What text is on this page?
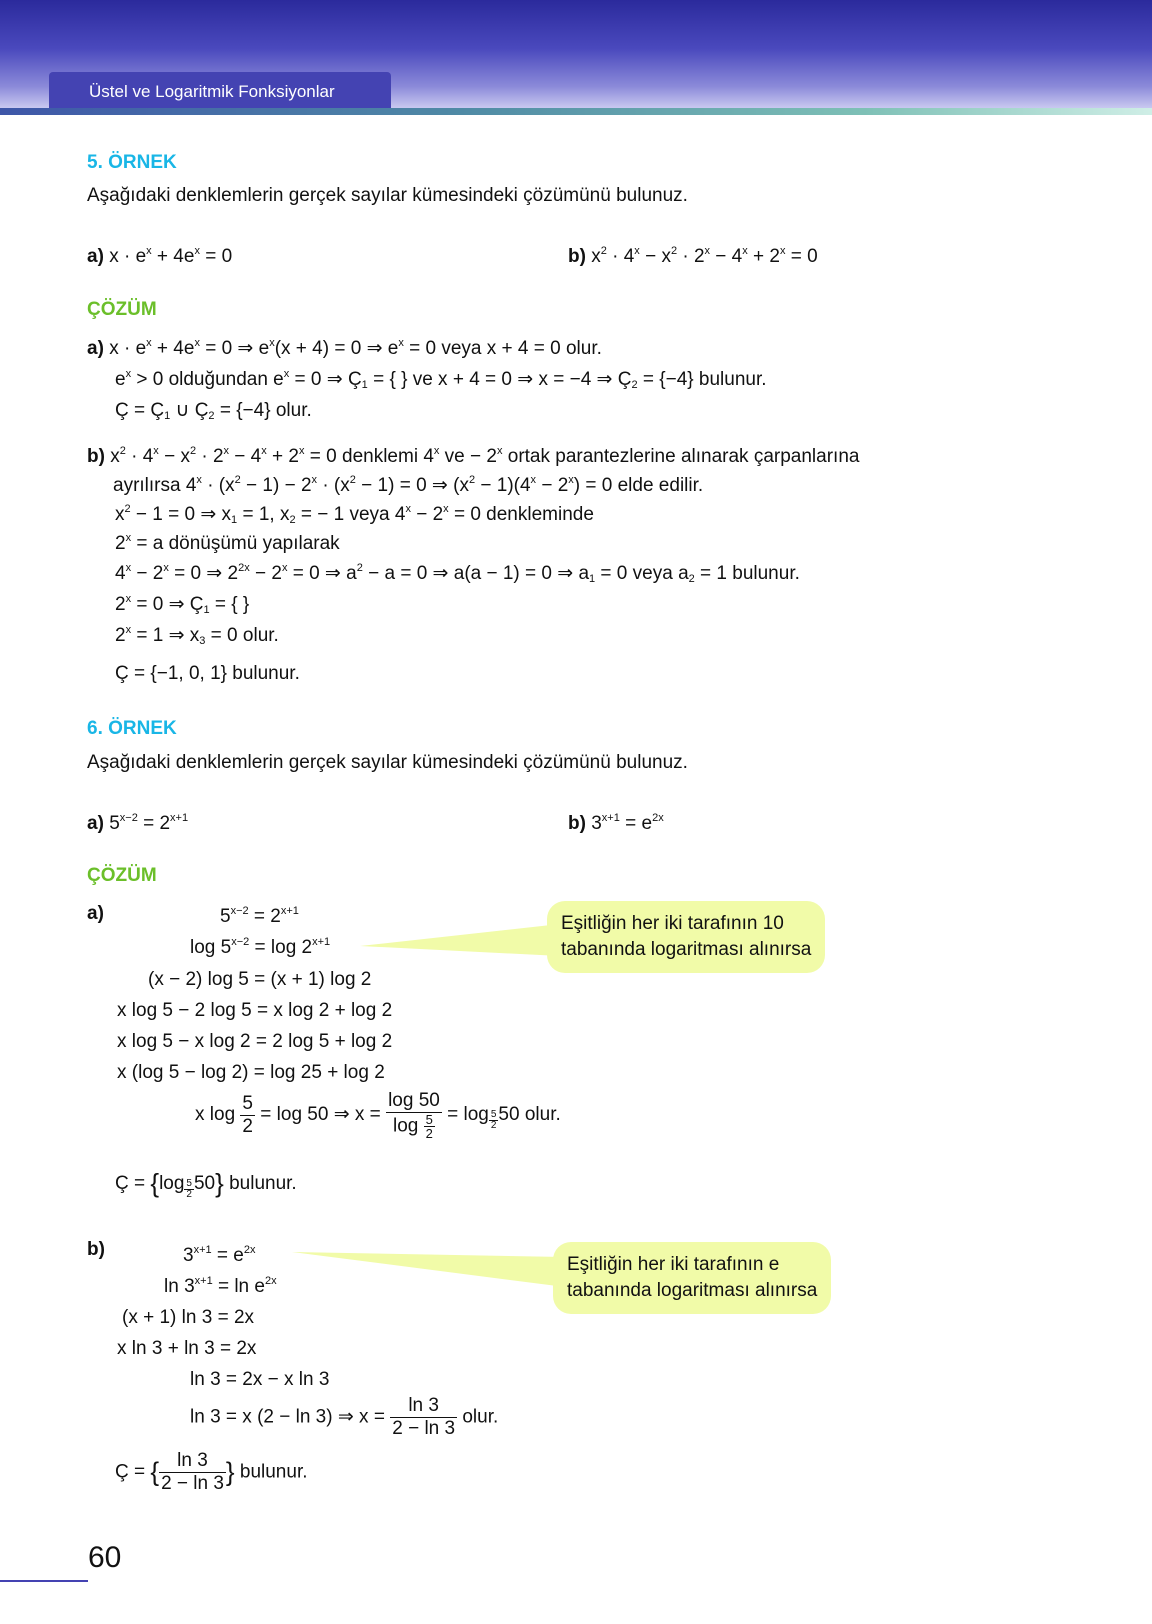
Üstel ve Logaritmik Fonksiyonlar
5. ÖRNEK
Aşağıdaki denklemlerin gerçek sayılar kümesindeki çözümünü bulunuz.
a) $x \cdot e^x + 4e^x = 0$	b) $x^2 \cdot 4^x - x^2 \cdot 2^x - 4^x + 2^x = 0$
ÇÖZÜM
a) $x \cdot e^x + 4e^x = 0$ ⇒ $e^x(x + 4) = 0$ ⇒ $e^x = 0$ veya x + 4 = 0 olur.
$e^x > 0$ olduğundan $e^x = 0$ ⇒ $Ç_1$ = { } ve x + 4 = 0 ⇒ x = −4 ⇒ $Ç_2 = \{-4\}$ bulunur.
Ç = $Ç_1$ ∪ $Ç_2 = \{-4\}$ olur.
b) $x^2 \cdot 4^x - x^2 \cdot 2^x - 4^x + 2^x = 0$ denklemi 4$^x$ ve − $2^x$ ortak parantezlerine alınarak çarpanlarına
ayrılırsa $4^x \cdot (x^2 - 1) - 2^x \cdot (x^2 - 1) = 0$ ⇒ $(x^2 - 1)(4^x - 2^x) = 0$ elde edilir.
$x^2 - 1 = 0$ ⇒ $x_1 = 1$, $x_2$ = − 1 veya $4^x - 2^x = 0$ denkleminde
$2^x = a$ dönüşümü yapılarak
$4^x - 2^x = 0$ ⇒ $2^{2x} - 2^x = 0$ ⇒ $a^2 - a = 0$ ⇒ a(a − 1) = 0 ⇒ $a_1 = 0$ veya $a_2 = 1$ bulunur.
$2^x = 0$ ⇒ $Ç_1$ = { }
$2^x = 1$ ⇒ $x_3 = 0$ olur.
Ç = {−1, 0, 1} bulunur.
6. ÖRNEK
Aşağıdaki denklemlerin gerçek sayılar kümesindeki çözümünü bulunuz.
a) $5^{x-2} = 2^{x+1}$	b) $3^{x+1} = e^{2x}$
ÇÖZÜM
a)	$5^{x-2} = 2^{x+1}$
$\log 5^{x-2} = \log 2^{x+1}$
(x − 2) log 5 = (x + 1) log 2
x log 5 − 2 log 5 = x log 2 + log 2
x log 5 − x log 2 = 2 log 5 + log 2
x (log 5 − log 2) = log 25 + log 2
x $\log \frac{5}{2} = \log 50$ ⇒ $x = \frac{\log 50}{\log \frac{5}{2}} = \log \frac{5}{2} 50$ olur.
Ç = $\{\log \frac{5}{2} 50\}$ bulunur.
Eşitliğin her iki tarafının 10
tabanında logaritması alınırsa
b)	$3^{x+1} = e^{2x}$
$\ln 3^{x+1} = \ln e^{2x}$
(x + 1) ln 3 = 2x
x ln 3 + ln 3 = 2x
ln 3 = 2x − x ln 3
ln 3 = x (2 − ln 3) ⇒ $x = \frac{\ln 3}{2 - \ln 3}$ olur.
Ç = { $\frac{\ln 3}{2 - \ln 3}$ } bulunur.
Eşitliğin her iki tarafının e
tabanında logaritması alınırsa
60
